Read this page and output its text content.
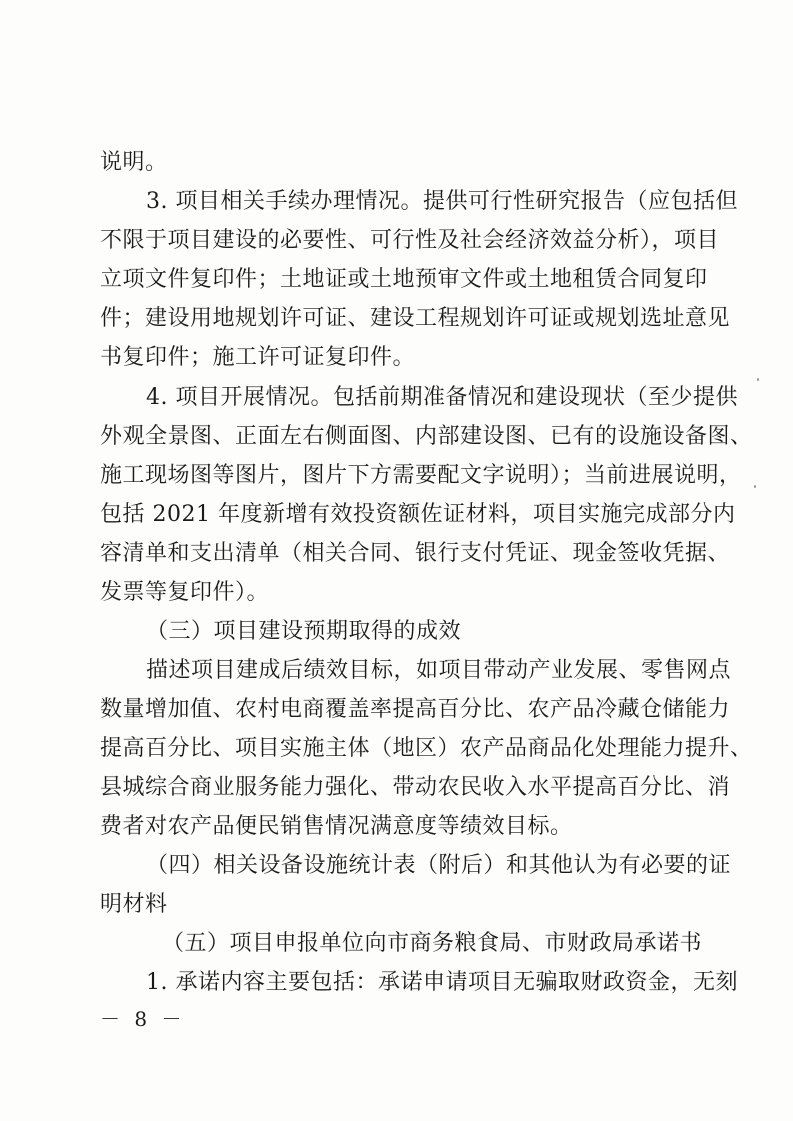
说明。
3. 项目相关手续办理情况。提供可行性研究报告（应包括但
不限于项目建设的必要性、可行性及社会经济效益分析），项目
立项文件复印件；土地证或土地预审文件或土地租赁合同复印
件；建设用地规划许可证、建设工程规划许可证或规划选址意见
书复印件；施工许可证复印件。
4. 项目开展情况。包括前期准备情况和建设现状（至少提供
外观全景图、正面左右侧面图、内部建设图、已有的设施设备图、
施工现场图等图片，图片下方需要配文字说明）；当前进展说明，
包括 2021 年度新增有效投资额佐证材料，项目实施完成部分内
容清单和支出清单（相关合同、银行支付凭证、现金签收凭据、
发票等复印件）。
（三）项目建设预期取得的成效
描述项目建成后绩效目标，如项目带动产业发展、零售网点
数量增加值、农村电商覆盖率提高百分比、农产品冷藏仓储能力
提高百分比、项目实施主体（地区）农产品商品化处理能力提升、
县城综合商业服务能力强化、带动农民收入水平提高百分比、消
费者对农产品便民销售情况满意度等绩效目标。
（四）相关设备设施统计表（附后）和其他认为有必要的证
明材料
（五）项目申报单位向市商务粮食局、市财政局承诺书
1. 承诺内容主要包括：承诺申请项目无骗取财政资金，无刻
－ 8 －
